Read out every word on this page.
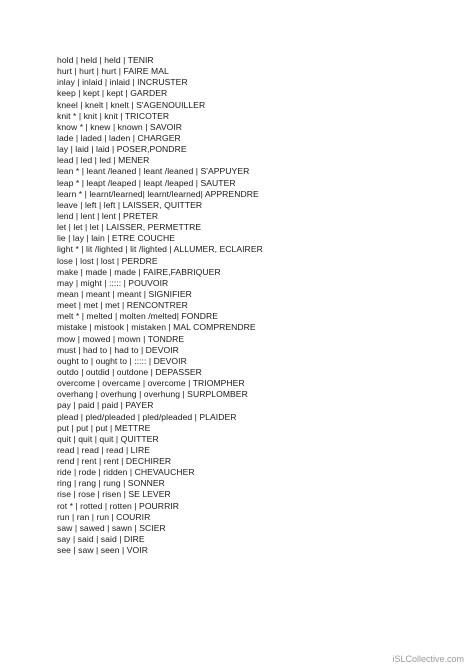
hold | held | held | TENIR
hurt | hurt | hurt | FAIRE MAL
inlay | inlaid | inlaid | INCRUSTER
keep | kept | kept | GARDER
kneel | knelt | knelt | S'AGENOUILLER
knit * | knit | knit | TRICOTER
know * | knew | known | SAVOIR
lade | laded | laden | CHARGER
lay | laid | laid | POSER,PONDRE
lead | led | led | MENER
lean * | leant /leaned | leant /leaned | S'APPUYER
leap * | leapt /leaped | leapt /leaped | SAUTER
learn * | learnt/learned| learnt/learned| APPRENDRE
leave | left | left | LAISSER, QUITTER
lend | lent | lent | PRETER
let | let | let | LAISSER, PERMETTRE
lie | lay | lain | ETRE COUCHE
light * | lit /lighted | lit /lighted | ALLUMER, ECLAIRER
lose | lost | lost | PERDRE
make | made | made | FAIRE,FABRIQUER
may | might | ::::: | POUVOIR
mean | meant | meant | SIGNIFIER
meet | met | met | RENCONTRER
melt * | melted | molten /melted| FONDRE
mistake | mistook | mistaken | MAL COMPRENDRE
mow | mowed | mown | TONDRE
must | had to | had to | DEVOIR
ought to | ought to | ::::: | DEVOIR
outdo | outdid | outdone | DEPASSER
overcome | overcame | overcome | TRIOMPHER
overhang | overhung | overhung | SURPLOMBER
pay | paid | paid | PAYER
plead | pled/pleaded | pled/pleaded | PLAIDER
put | put | put | METTRE
quit | quit | quit | QUITTER
read | read | read | LIRE
rend | rent | rent | DECHIRER
ride | rode | ridden | CHEVAUCHER
ring | rang | rung | SONNER
rise | rose | risen | SE LEVER
rot * | rotted | rotten | POURRIR
run | ran | run | COURIR
saw | sawed | sawn | SCIER
say | said | said | DIRE
see | saw | seen | VOIR
iSLCollective.com
